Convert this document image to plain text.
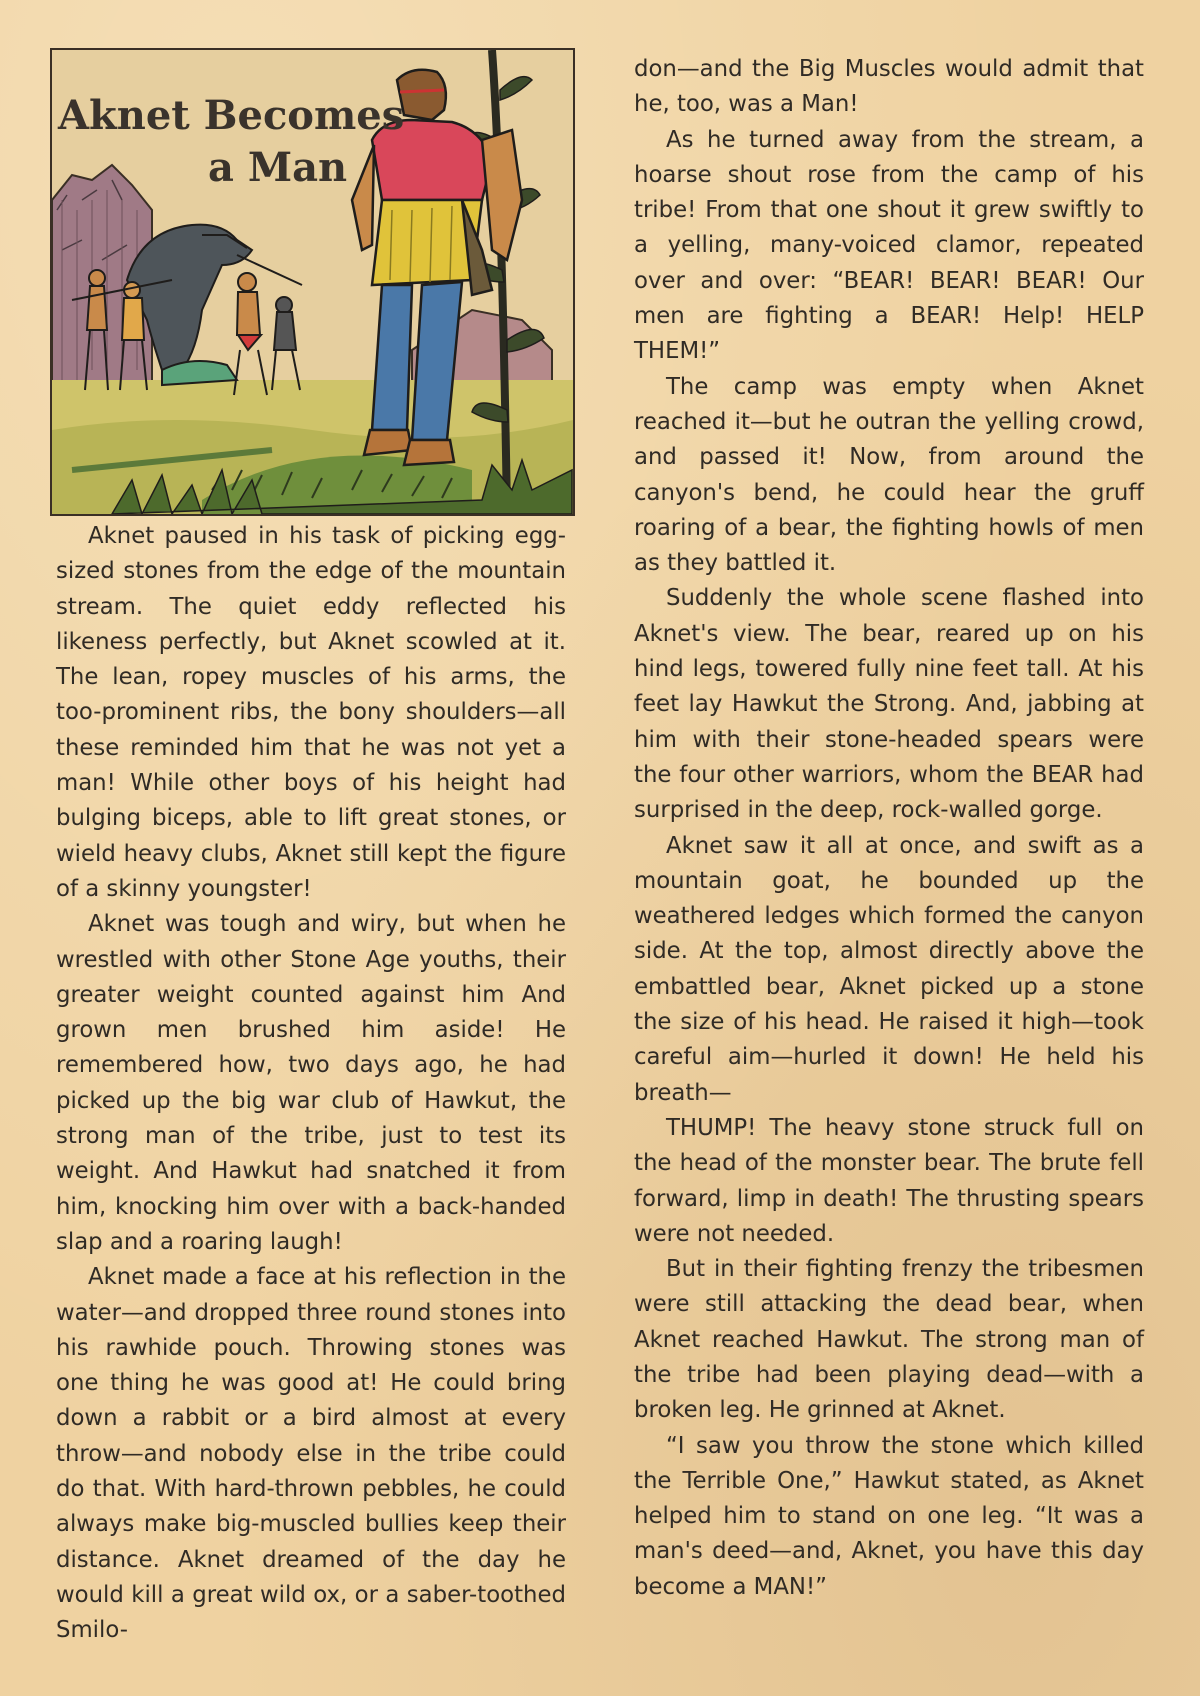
Aknet Becomes
a Man

Aknet paused in his task of picking egg-sized stones from the edge of the mountain stream. The quiet eddy reflected his likeness perfectly, but Aknet scowled at it. The lean, ropey muscles of his arms, the too-prominent ribs, the bony shoulders—all these reminded him that he was not yet a man! While other boys of his height had bulging biceps, able to lift great stones, or wield heavy clubs, Aknet still kept the figure of a skinny youngster!

Aknet was tough and wiry, but when he wrestled with other Stone Age youths, their greater weight counted against him And grown men brushed him aside! He remembered how, two days ago, he had picked up the big war club of Hawkut, the strong man of the tribe, just to test its weight. And Hawkut had snatched it from him, knocking him over with a back-handed slap and a roaring laugh!

Aknet made a face at his reflection in the water—and dropped three round stones into his rawhide pouch. Throwing stones was one thing he was good at! He could bring down a rabbit or a bird almost at every throw—and nobody else in the tribe could do that. With hard-thrown pebbles, he could always make big-muscled bullies keep their distance. Aknet dreamed of the day he would kill a great wild ox, or a saber-toothed Smilo-

don—and the Big Muscles would admit that he, too, was a Man!

As he turned away from the stream, a hoarse shout rose from the camp of his tribe! From that one shout it grew swiftly to a yelling, many-voiced clamor, repeated over and over: “BEAR! BEAR! BEAR! Our men are fighting a BEAR! Help! HELP THEM!”

The camp was empty when Aknet reached it—but he outran the yelling crowd, and passed it! Now, from around the canyon's bend, he could hear the gruff roaring of a bear, the fighting howls of men as they battled it.

Suddenly the whole scene flashed into Aknet's view. The bear, reared up on his hind legs, towered fully nine feet tall. At his feet lay Hawkut the Strong. And, jabbing at him with their stone-headed spears were the four other warriors, whom the BEAR had surprised in the deep, rock-walled gorge.

Aknet saw it all at once, and swift as a mountain goat, he bounded up the weathered ledges which formed the canyon side. At the top, almost directly above the embattled bear, Aknet picked up a stone the size of his head. He raised it high—took careful aim—hurled it down! He held his breath—

THUMP! The heavy stone struck full on the head of the monster bear. The brute fell forward, limp in death! The thrusting spears were not needed.

But in their fighting frenzy the tribesmen were still attacking the dead bear, when Aknet reached Hawkut. The strong man of the tribe had been playing dead—with a broken leg. He grinned at Aknet.

“I saw you throw the stone which killed the Terrible One,” Hawkut stated, as Aknet helped him to stand on one leg. “It was a man's deed—and, Aknet, you have this day become a MAN!”
